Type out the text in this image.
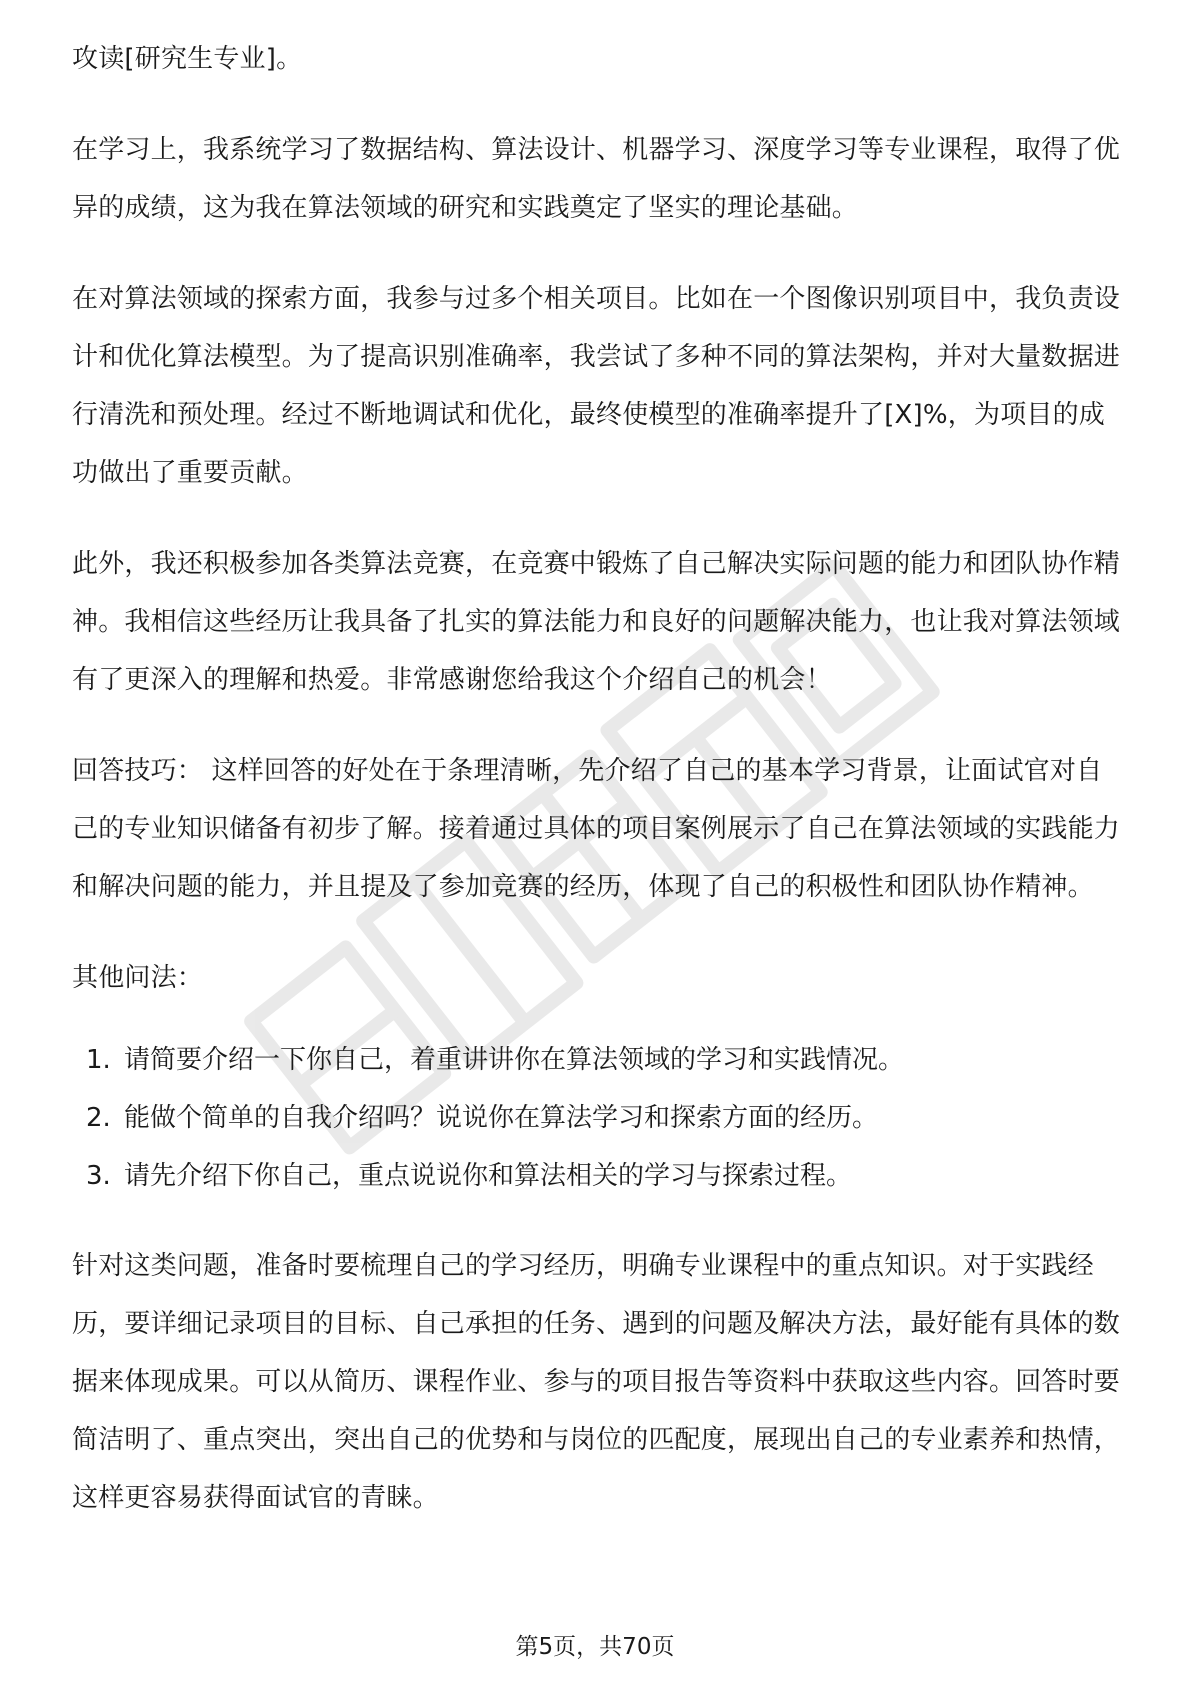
攻读[研究生专业]。

在学习上，我系统学习了数据结构、算法设计、机器学习、深度学习等专业课程，取得了优异的成绩，这为我在算法领域的研究和实践奠定了坚实的理论基础。

在对算法领域的探索方面，我参与过多个相关项目。比如在一个图像识别项目中，我负责设计和优化算法模型。为了提高识别准确率，我尝试了多种不同的算法架构，并对大量数据进行清洗和预处理。经过不断地调试和优化，最终使模型的准确率提升了[X]%，为项目的成功做出了重要贡献。

此外，我还积极参加各类算法竞赛，在竞赛中锻炼了自己解决实际问题的能力和团队协作精神。我相信这些经历让我具备了扎实的算法能力和良好的问题解决能力，也让我对算法领域有了更深入的理解和热爱。非常感谢您给我这个介绍自己的机会！

回答技巧： 这样回答的好处在于条理清晰，先介绍了自己的基本学习背景，让面试官对自己的专业知识储备有初步了解。接着通过具体的项目案例展示了自己在算法领域的实践能力和解决问题的能力，并且提及了参加竞赛的经历，体现了自己的积极性和团队协作精神。

其他问法：

1. 请简要介绍一下你自己，着重讲讲你在算法领域的学习和实践情况。
2. 能做个简单的自我介绍吗？说说你在算法学习和探索方面的经历。
3. 请先介绍下你自己，重点说说你和算法相关的学习与探索过程。

针对这类问题，准备时要梳理自己的学习经历，明确专业课程中的重点知识。对于实践经历，要详细记录项目的目标、自己承担的任务、遇到的问题及解决方法，最好能有具体的数据来体现成果。可以从简历、课程作业、参与的项目报告等资料中获取这些内容。回答时要简洁明了、重点突出，突出自己的优势和与岗位的匹配度，展现出自己的专业素养和热情，这样更容易获得面试官的青睐。

第5页，共70页
